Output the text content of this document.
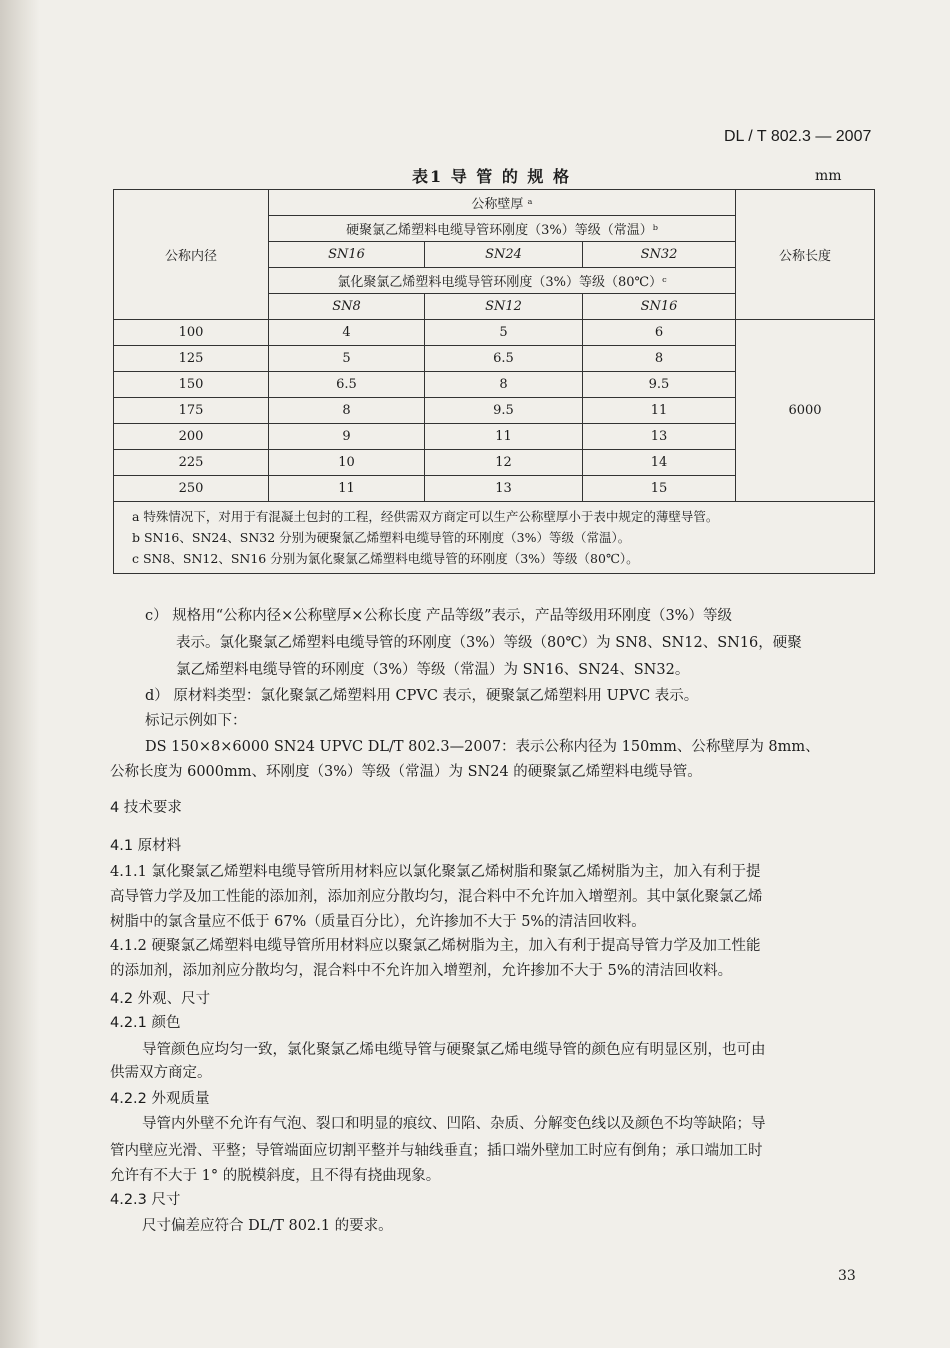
DL / T 802.3 — 2007
表1 导 管 的 规 格	mm
公称内径	公称壁厚 ᵃ			公称长度
	硬聚氯乙烯塑料电缆导管环刚度（3%）等级（常温）ᵇ			
	SN16	SN24	SN32	
	氯化聚氯乙烯塑料电缆导管环刚度（3%）等级（80℃）ᶜ			
	SN8	SN12	SN16	
100	4	5	6	6000
125	5	6.5	8	
150	6.5	8	9.5	
175	8	9.5	11	
200	9	11	13	
225	10	12	14	
250	11	13	15	

a 特殊情况下，对用于有混凝土包封的工程，经供需双方商定可以生产公称壁厚小于表中规定的薄壁导管。
b SN16、SN24、SN32 分别为硬聚氯乙烯塑料电缆导管的环刚度（3%）等级（常温）。
c SN8、SN12、SN16 分别为氯化聚氯乙烯塑料电缆导管的环刚度（3%）等级（80℃）。				
c） 规格用“公称内径×公称壁厚×公称长度 产品等级”表示，产品等级用环刚度（3%）等级
表示。氯化聚氯乙烯塑料电缆导管的环刚度（3%）等级（80℃）为 SN8、SN12、SN16，硬聚
氯乙烯塑料电缆导管的环刚度（3%）等级（常温）为 SN16、SN24、SN32。
d） 原材料类型：氯化聚氯乙烯塑料用 CPVC 表示，硬聚氯乙烯塑料用 UPVC 表示。
标记示例如下：
DS 150×8×6000 SN24 UPVC DL/T 802.3—2007：表示公称内径为 150mm、公称壁厚为 8mm、
公称长度为 6000mm、环刚度（3%）等级（常温）为 SN24 的硬聚氯乙烯塑料电缆导管。
4 技术要求
4.1 原材料
4.1.1 氯化聚氯乙烯塑料电缆导管所用材料应以氯化聚氯乙烯树脂和聚氯乙烯树脂为主，加入有利于提
高导管力学及加工性能的添加剂，添加剂应分散均匀，混合料中不允许加入增塑剂。其中氯化聚氯乙烯
树脂中的氯含量应不低于 67%（质量百分比），允许掺加不大于 5%的清洁回收料。
4.1.2 硬聚氯乙烯塑料电缆导管所用材料应以聚氯乙烯树脂为主，加入有利于提高导管力学及加工性能
的添加剂，添加剂应分散均匀，混合料中不允许加入增塑剂，允许掺加不大于 5%的清洁回收料。
4.2 外观、尺寸
4.2.1 颜色
导管颜色应均匀一致，氯化聚氯乙烯电缆导管与硬聚氯乙烯电缆导管的颜色应有明显区别，也可由
供需双方商定。
4.2.2 外观质量
导管内外壁不允许有气泡、裂口和明显的痕纹、凹陷、杂质、分解变色线以及颜色不均等缺陷；导
管内壁应光滑、平整；导管端面应切割平整并与轴线垂直；插口端外壁加工时应有倒角；承口端加工时
允许有不大于 1° 的脱模斜度，且不得有挠曲现象。
4.2.3 尺寸
尺寸偏差应符合 DL/T 802.1 的要求。
33
